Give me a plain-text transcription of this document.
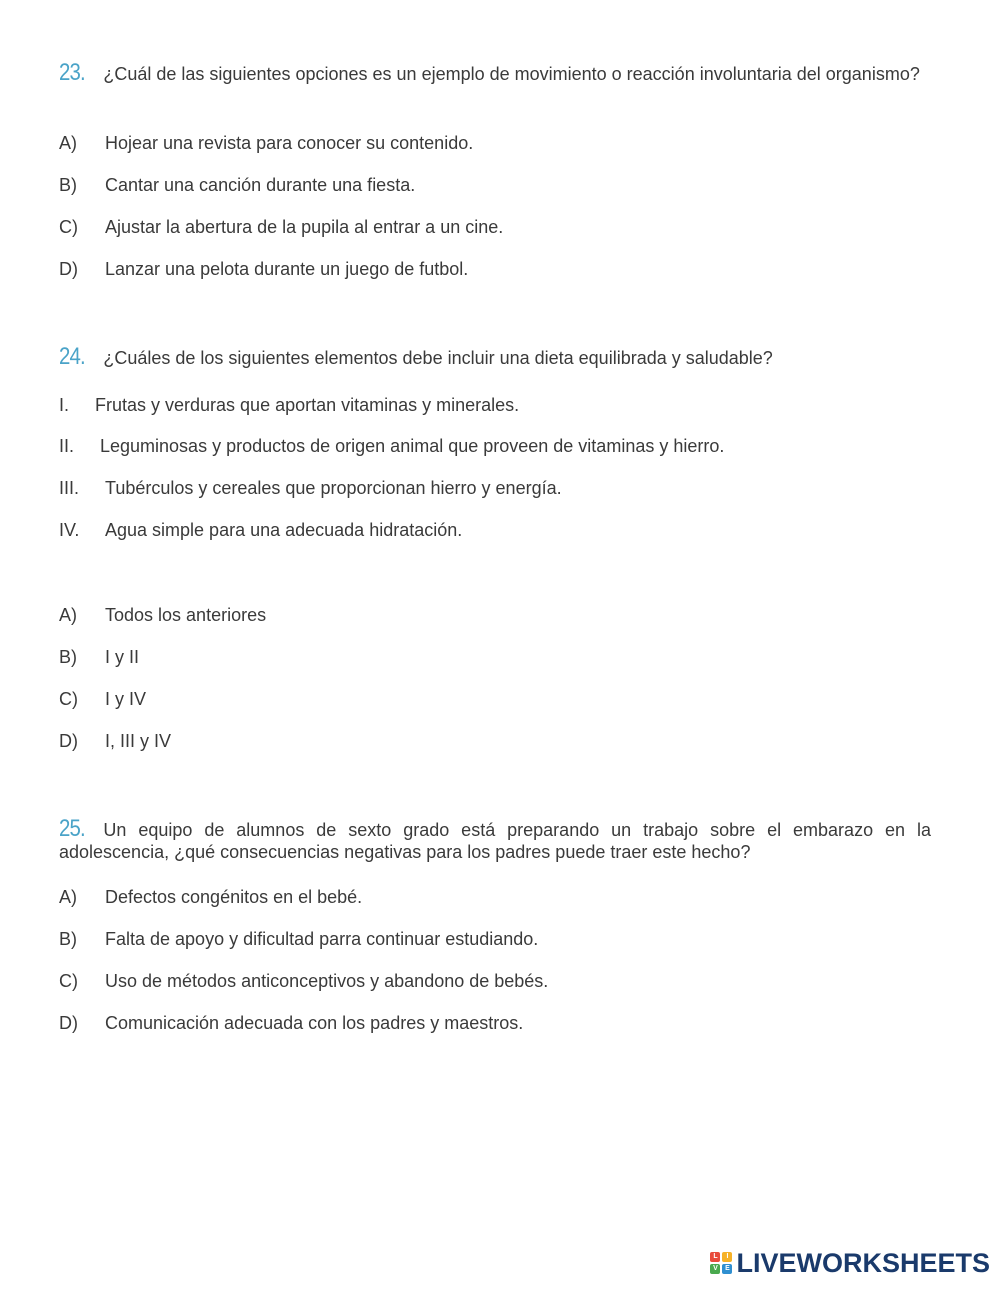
23. ¿Cuál de las siguientes opciones es un ejemplo de movimiento o reacción involuntaria del organismo?

A) Hojear una revista para conocer su contenido.
B) Cantar una canción durante una fiesta.
C) Ajustar la abertura de la pupila al entrar a un cine.
D) Lanzar una pelota durante un juego de futbol.

24. ¿Cuáles de los siguientes elementos debe incluir una dieta equilibrada y saludable?

I. Frutas y verduras que aportan vitaminas y minerales.
II. Leguminosas y productos de origen animal que proveen de vitaminas y hierro.
III. Tubérculos y cereales que proporcionan hierro y energía.
IV. Agua simple para una adecuada hidratación.
A) Todos los anteriores
B) I y II
C) I y IV
D) I, III y IV

25. Un equipo de alumnos de sexto grado está preparando un trabajo sobre el embarazo en la adolescencia, ¿qué consecuencias negativas para los padres puede traer este hecho?

A) Defectos congénitos en el bebé.
B) Falta de apoyo y dificultad parra continuar estudiando.
C) Uso de métodos anticonceptivos y abandono de bebés.
D) Comunicación adecuada con los padres y maestros.
L	I
V	E LIVEWORKSHEETS
